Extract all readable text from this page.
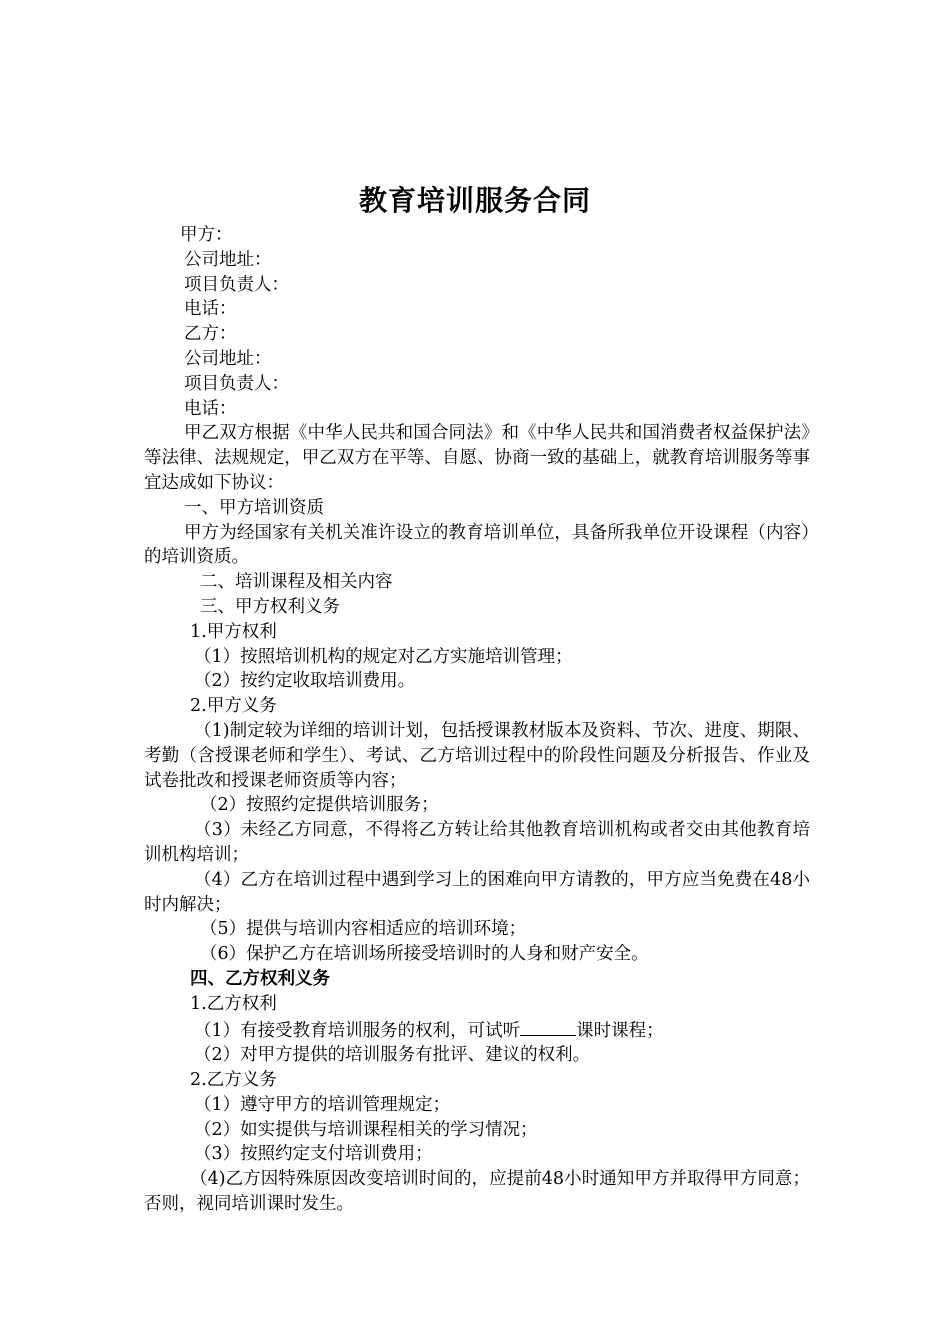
教育培训服务合同

甲方：

公司地址：

项目负责人：

电话：

乙方：

公司地址：

项目负责人：

电话：

甲乙双方根据《中华人民共和国合同法》和《中华人民共和国消费者权益保护法》等法律、法规规定，甲乙双方在平等、自愿、协商一致的基础上，就教育培训服务等事宜达成如下协议：

一、甲方培训资质

甲方为经国家有关机关准许设立的教育培训单位，具备所我单位开设课程（内容）的培训资质。

二、培训课程及相关内容

三、甲方权利义务

1.甲方权利

（1）按照培训机构的规定对乙方实施培训管理；

（2）按约定收取培训费用。

2.甲方义务

（1)制定较为详细的培训计划，包括授课教材版本及资料、节次、进度、期限、考勤（含授课老师和学生）、考试、乙方培训过程中的阶段性问题及分析报告、作业及试卷批改和授课老师资质等内容；

（2）按照约定提供培训服务；

（3）未经乙方同意，不得将乙方转让给其他教育培训机构或者交由其他教育培训机构培训；

（4）乙方在培训过程中遇到学习上的困难向甲方请教的，甲方应当免费在48小时内解决；

（5）提供与培训内容相适应的培训环境；

（6）保护乙方在培训场所接受培训时的人身和财产安全。

四、乙方权利义务

1.乙方权利

（1）有接受教育培训服务的权利，可试听	课时课程；

（2）对甲方提供的培训服务有批评、建议的权利。

2.乙方义务

（1）遵守甲方的培训管理规定；

（2）如实提供与培训课程相关的学习情况；

（3）按照约定支付培训费用；

（4)乙方因特殊原因改变培训时间的，应提前48小时通知甲方并取得甲方同意；否则，视同培训课时发生。
